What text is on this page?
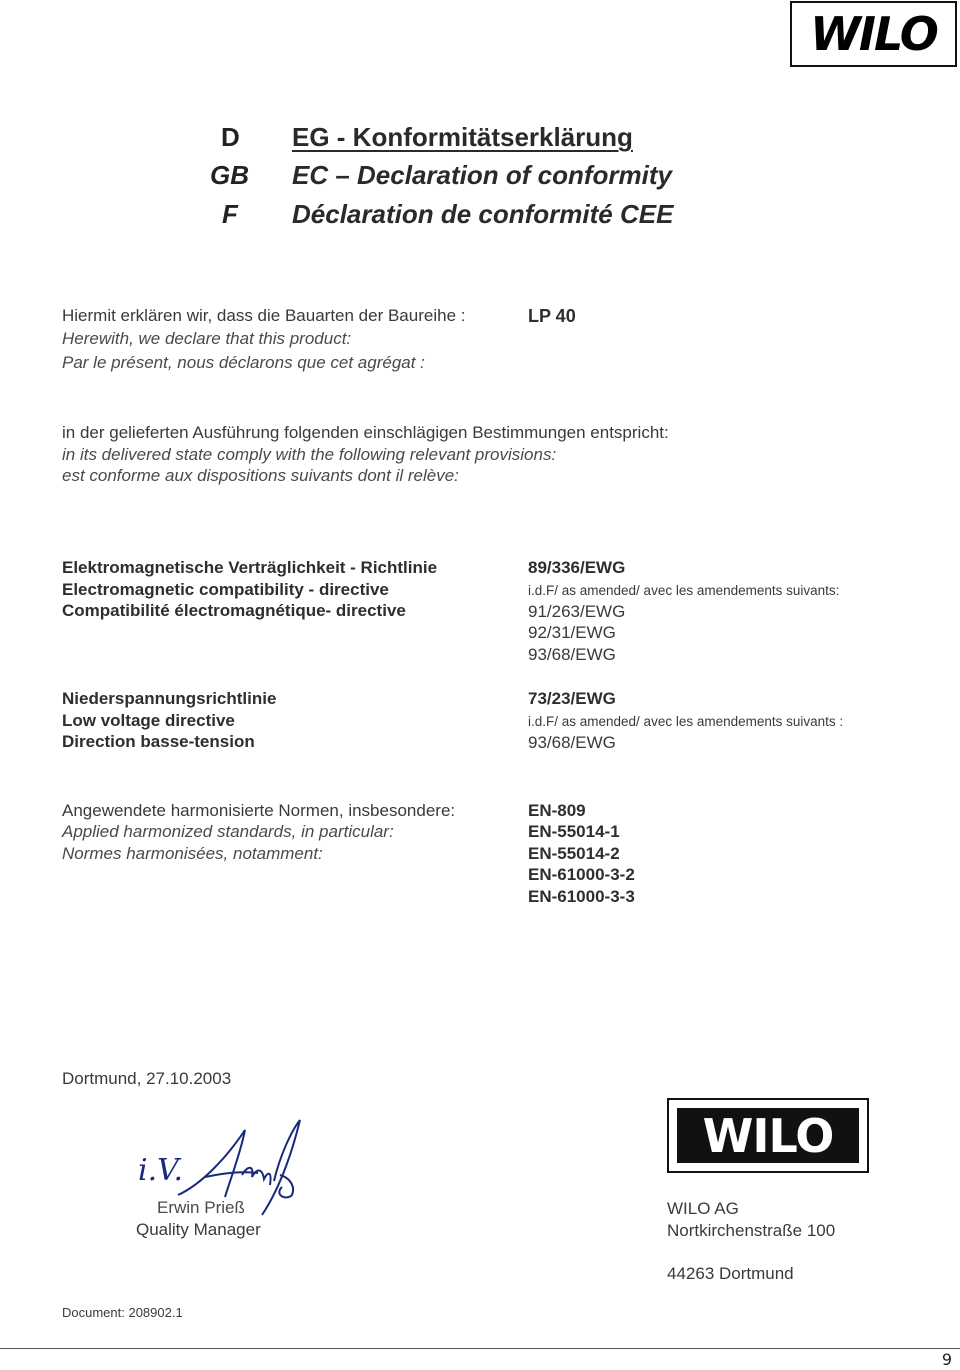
WILO
D EG - Konformitätserklärung
GB EC – Declaration of conformity
F Déclaration de conformité CEE
Hiermit erklären wir, dass die Bauarten der Baureihe :
Herewith, we declare that this product:
Par le présent, nous déclarons que cet agrégat :
LP 40
in der gelieferten Ausführung folgenden einschlägigen Bestimmungen entspricht:
in its delivered state comply with the following relevant provisions:
est conforme aux dispositions suivants dont il relève:
Elektromagnetische Verträglichkeit - Richtlinie
Electromagnetic compatibility - directive
Compatibilité électromagnétique- directive
89/336/EWG
i.d.F/ as amended/ avec les amendements suivants:
91/263/EWG
92/31/EWG
93/68/EWG
Niederspannungsrichtlinie
Low voltage directive
Direction basse-tension
73/23/EWG
i.d.F/ as amended/ avec les amendements suivants :
93/68/EWG
Angewendete harmonisierte Normen, insbesondere:
Applied harmonized standards, in particular:
Normes harmonisées, notamment:
EN-809
EN-55014-1
EN-55014-2
EN-61000-3-2
EN-61000-3-3
Dortmund, 27.10.2003
i.V.
Erwin Prieß
Quality Manager
WILO
WILO AG
Nortkirchenstraße 100
44263 Dortmund
Document: 208902.1
9
